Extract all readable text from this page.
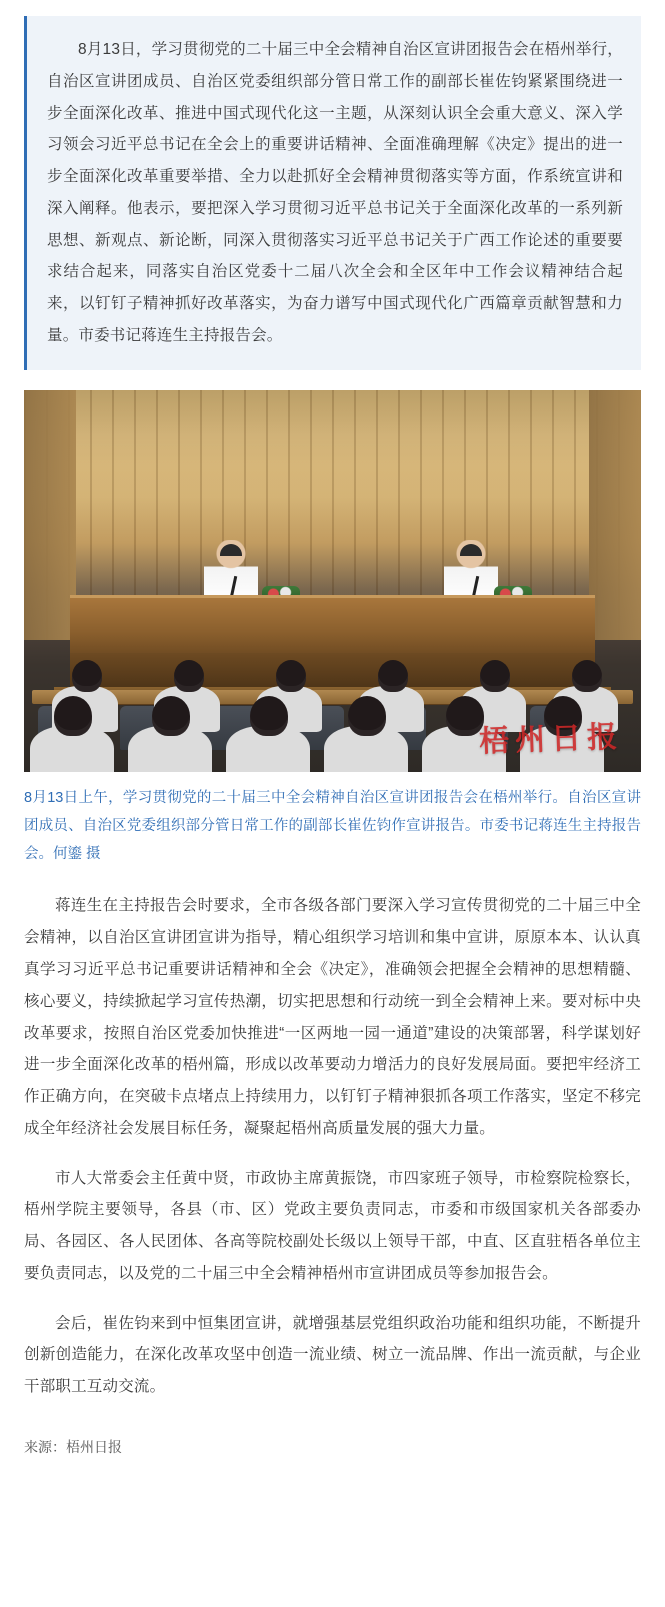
8月13日，学习贯彻党的二十届三中全会精神自治区宣讲团报告会在梧州举行，自治区宣讲团成员、自治区党委组织部分管日常工作的副部长崔佐钧紧紧围绕进一步全面深化改革、推进中国式现代化这一主题，从深刻认识全会重大意义、深入学习领会习近平总书记在全会上的重要讲话精神、全面准确理解《决定》提出的进一步全面深化改革重要举措、全力以赴抓好全会精神贯彻落实等方面，作系统宣讲和深入阐释。他表示，要把深入学习贯彻习近平总书记关于全面深化改革的一系列新思想、新观点、新论断，同深入贯彻落实习近平总书记关于广西工作论述的重要要求结合起来，同落实自治区党委十二届八次全会和全区年中工作会议精神结合起来，以钉钉子精神抓好改革落实，为奋力谱写中国式现代化广西篇章贡献智慧和力量。市委书记蒋连生主持报告会。

梧州日报
8月13日上午，学习贯彻党的二十届三中全会精神自治区宣讲团报告会在梧州举行。自治区宣讲团成员、自治区党委组织部分管日常工作的副部长崔佐钧作宣讲报告。市委书记蒋连生主持报告会。何鎏 摄

蒋连生在主持报告会时要求，全市各级各部门要深入学习宣传贯彻党的二十届三中全会精神，以自治区宣讲团宣讲为指导，精心组织学习培训和集中宣讲，原原本本、认认真真学习习近平总书记重要讲话精神和全会《决定》，准确领会把握全会精神的思想精髓、核心要义，持续掀起学习宣传热潮，切实把思想和行动统一到全会精神上来。要对标中央改革要求，按照自治区党委加快推进“一区两地一园一通道”建设的决策部署，科学谋划好进一步全面深化改革的梧州篇，形成以改革要动力增活力的良好发展局面。要把牢经济工作正确方向，在突破卡点堵点上持续用力，以钉钉子精神狠抓各项工作落实，坚定不移完成全年经济社会发展目标任务，凝聚起梧州高质量发展的强大力量。

市人大常委会主任黄中贤，市政协主席黄振饶，市四家班子领导，市检察院检察长，梧州学院主要领导，各县（市、区）党政主要负责同志，市委和市级国家机关各部委办局、各园区、各人民团体、各高等院校副处长级以上领导干部，中直、区直驻梧各单位主要负责同志，以及党的二十届三中全会精神梧州市宣讲团成员等参加报告会。

会后，崔佐钧来到中恒集团宣讲，就增强基层党组织政治功能和组织功能，不断提升创新创造能力，在深化改革攻坚中创造一流业绩、树立一流品牌、作出一流贡献，与企业干部职工互动交流。

来源：梧州日报
